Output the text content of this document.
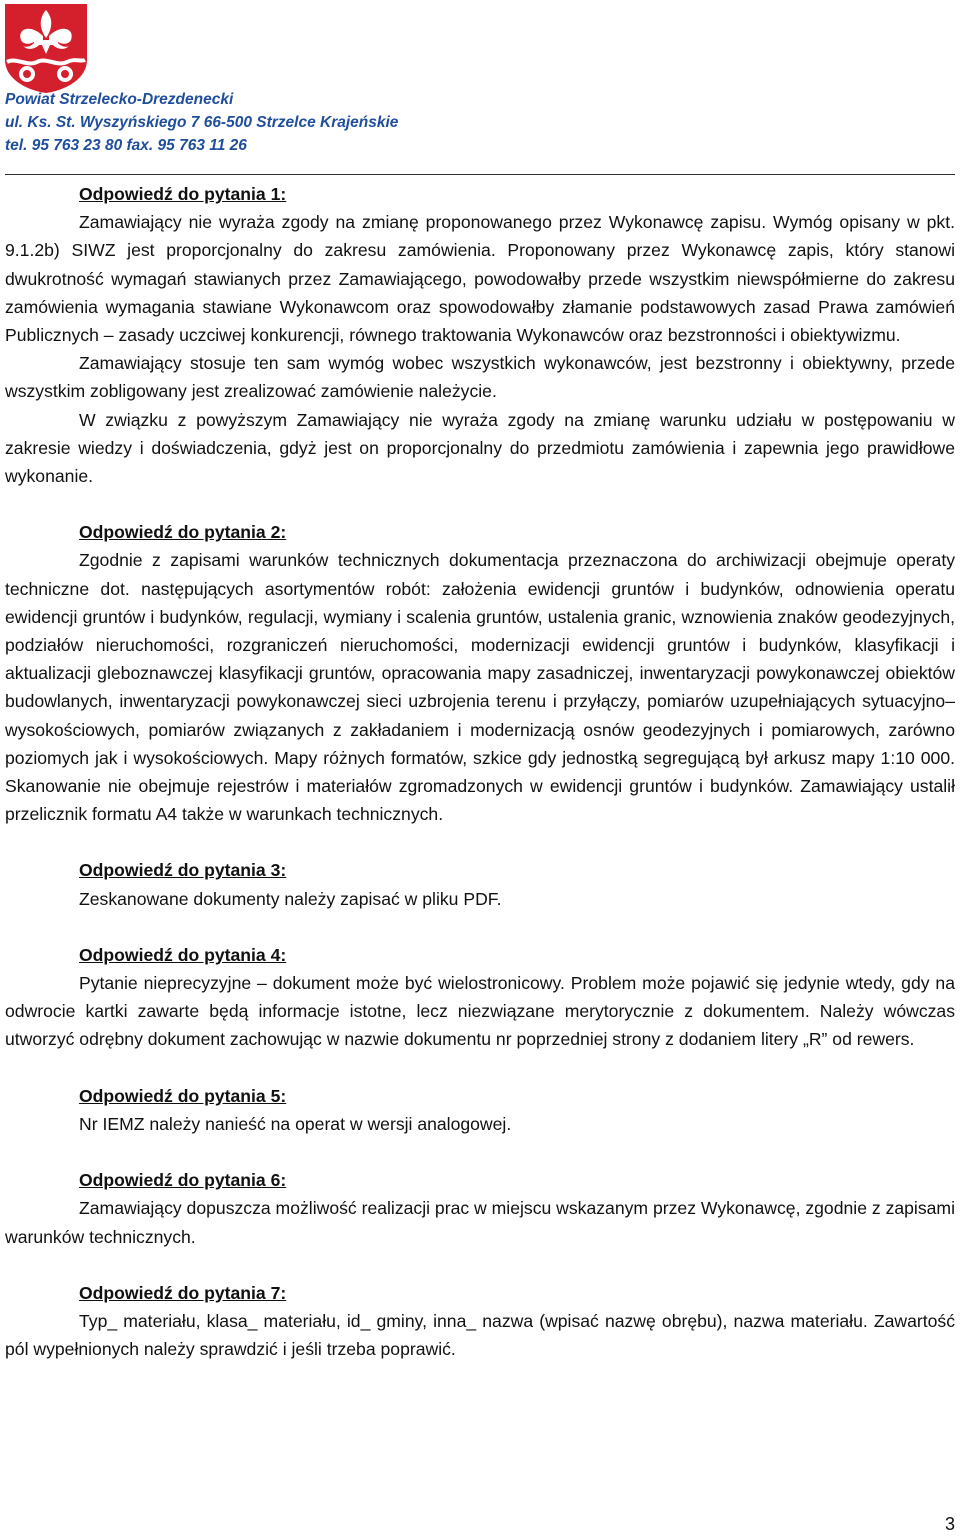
Powiat Strzelecko-Drezdenecki
ul. Ks. St. Wyszyńskiego 7 66-500 Strzelce Krajeńskie
tel. 95 763 23 80 fax. 95 763 11 26
Odpowiedź do pytania 1:

Zamawiający nie wyraża zgody na zmianę proponowanego przez Wykonawcę zapisu. Wymóg opisany w pkt. 9.1.2b) SIWZ jest proporcjonalny do zakresu zamówienia. Proponowany przez Wykonawcę zapis, który stanowi dwukrotność wymagań stawianych przez Zamawiającego, powodowałby przede wszystkim niewspółmierne do zakresu zamówienia wymagania stawiane Wykonawcom oraz spowodowałby złamanie podstawowych zasad Prawa zamówień Publicznych – zasady uczciwej konkurencji, równego traktowania Wykonawców oraz bezstronności i obiektywizmu.

Zamawiający stosuje ten sam wymóg wobec wszystkich wykonawców, jest bezstronny i obiektywny, przede wszystkim zobligowany jest zrealizować zamówienie należycie.

W związku z powyższym Zamawiający nie wyraża zgody na zmianę warunku udziału w postępowaniu w zakresie wiedzy i doświadczenia, gdyż jest on proporcjonalny do przedmiotu zamówienia i zapewnia jego prawidłowe wykonanie.

Odpowiedź do pytania 2:

Zgodnie z zapisami warunków technicznych dokumentacja przeznaczona do archiwizacji obejmuje operaty techniczne dot. następujących asortymentów robót: założenia ewidencji gruntów i budynków, odnowienia operatu ewidencji gruntów i budynków, regulacji, wymiany i scalenia gruntów, ustalenia granic, wznowienia znaków geodezyjnych, podziałów nieruchomości, rozgraniczeń nieruchomości, modernizacji ewidencji gruntów i budynków, klasyfikacji i aktualizacji gleboznawczej klasyfikacji gruntów, opracowania mapy zasadniczej, inwentaryzacji powykonawczej obiektów budowlanych, inwentaryzacji powykonawczej sieci uzbrojenia terenu i przyłączy, pomiarów uzupełniających sytuacyjno– wysokościowych, pomiarów związanych z zakładaniem i modernizacją osnów geodezyjnych i pomiarowych, zarówno poziomych jak i wysokościowych. Mapy różnych formatów, szkice gdy jednostką segregującą był arkusz mapy 1:10 000. Skanowanie nie obejmuje rejestrów i materiałów zgromadzonych w ewidencji gruntów i budynków. Zamawiający ustalił przelicznik formatu A4 także w warunkach technicznych.

Odpowiedź do pytania 3:

Zeskanowane dokumenty należy zapisać w pliku PDF.

Odpowiedź do pytania 4:

Pytanie nieprecyzyjne – dokument może być wielostronicowy. Problem może pojawić się jedynie wtedy, gdy na odwrocie kartki zawarte będą informacje istotne, lecz niezwiązane merytorycznie z dokumentem. Należy wówczas utworzyć odrębny dokument zachowując w nazwie dokumentu nr poprzedniej strony z dodaniem litery „R” od rewers.

Odpowiedź do pytania 5:

Nr IEMZ należy nanieść na operat w wersji analogowej.

Odpowiedź do pytania 6:

Zamawiający dopuszcza możliwość realizacji prac w miejscu wskazanym przez Wykonawcę, zgodnie z zapisami warunków technicznych.

Odpowiedź do pytania 7:

Typ_ materiału, klasa_ materiału, id_ gminy, inna_ nazwa (wpisać nazwę obrębu), nazwa materiału. Zawartość pól wypełnionych należy sprawdzić i jeśli trzeba poprawić.

3
